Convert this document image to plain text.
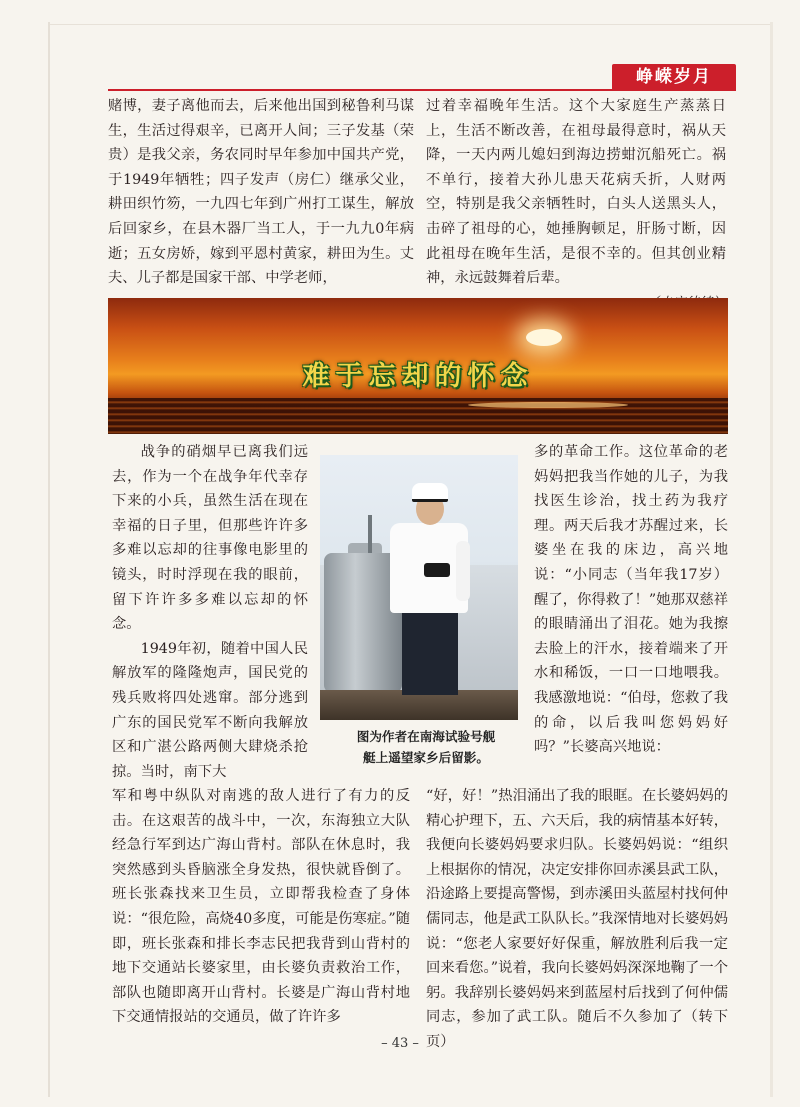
峥嵘岁月

赌博，妻子离他而去，后来他出国到秘鲁利马谋生，生活过得艰辛，已离开人间；三子发基（荣贵）是我父亲，务农同时早年参加中国共产党，于1949年牺牲；四子发声（房仁）继承父业，耕田织竹笏，一九四七年到广州打工谋生，解放后回家乡，在县木器厂当工人，于一九九0年病逝；五女房娇，嫁到平恩村黄家，耕田为生。丈夫、儿子都是国家干部、中学老师，

过着幸福晚年生活。这个大家庭生产蒸蒸日上，生活不断改善，在祖母最得意时，祸从天降，一天内两儿媳妇到海边捞蚶沉船死亡。祸不单行，接着大孙儿患天花病夭折，人财两空，特别是我父亲牺牲时，白头人送黑头人，击碎了祖母的心，她捶胸顿足，肝肠寸断，因此祖母在晚年生活，是很不幸的。但其创业精神，永远鼓舞着后辈。

难于忘却的怀念

战争的硝烟早已离我们远去，作为一个在战争年代幸存下来的小兵，虽然生活在现在幸福的日子里，但那些许许多多难以忘却的往事像电影里的镜头，时时浮现在我的眼前，留下许许多多难以忘却的怀念。

1949年初，随着中国人民解放军的隆隆炮声，国民党的残兵败将四处逃窜。部分逃到广东的国民党军不断向我解放区和广湛公路两侧大肆烧杀抢掠。当时，南下大

图为作者在南海试验号舰
艇上遥望家乡后留影。

军和粤中纵队对南逃的敌人进行了有力的反击。在这艰苦的战斗中，一次，东海独立大队经急行军到达广海山背村。部队在休息时，我突然感到头昏脑涨全身发热，很快就昏倒了。班长张森找来卫生员，立即帮我检查了身体说：“很危险，高烧40多度，可能是伤寒症。”随即，班长张森和排长李志民把我背到山背村的地下交通站长婆家里，由长婆负责救治工作，部队也随即离开山背村。长婆是广海山背村地下交通情报站的交通员，做了许许多

多的革命工作。这位革命的老妈妈把我当作她的儿子，为我找医生诊治，找土药为我疗理。两天后我才苏醒过来，长婆坐在我的床边，高兴地说：“小同志（当年我17岁）醒了，你得救了！”她那双慈祥的眼睛涌出了泪花。她为我擦去脸上的汗水，接着端来了开水和稀饭，一口一口地喂我。我感激地说：“伯母，您救了我的命，以后我叫您妈妈好吗？”长婆高兴地说：

“好，好！”热泪涌出了我的眼眶。在长婆妈妈的精心护理下，五、六天后，我的病情基本好转，我便向长婆妈妈要求归队。长婆妈妈说：“组织上根据你的情况，决定安排你回赤溪县武工队，沿途路上要提高警惕，到赤溪田头蓝屋村找何仲儒同志，他是武工队队长。”我深情地对长婆妈妈说：“您老人家要好好保重，解放胜利后我一定回来看您。”说着，我向长婆妈妈深深地鞠了一个躬。我辞别长婆妈妈来到蓝屋村后找到了何仲儒同志，参加了武工队。随后不久参加了（转下页）

– 43 –
